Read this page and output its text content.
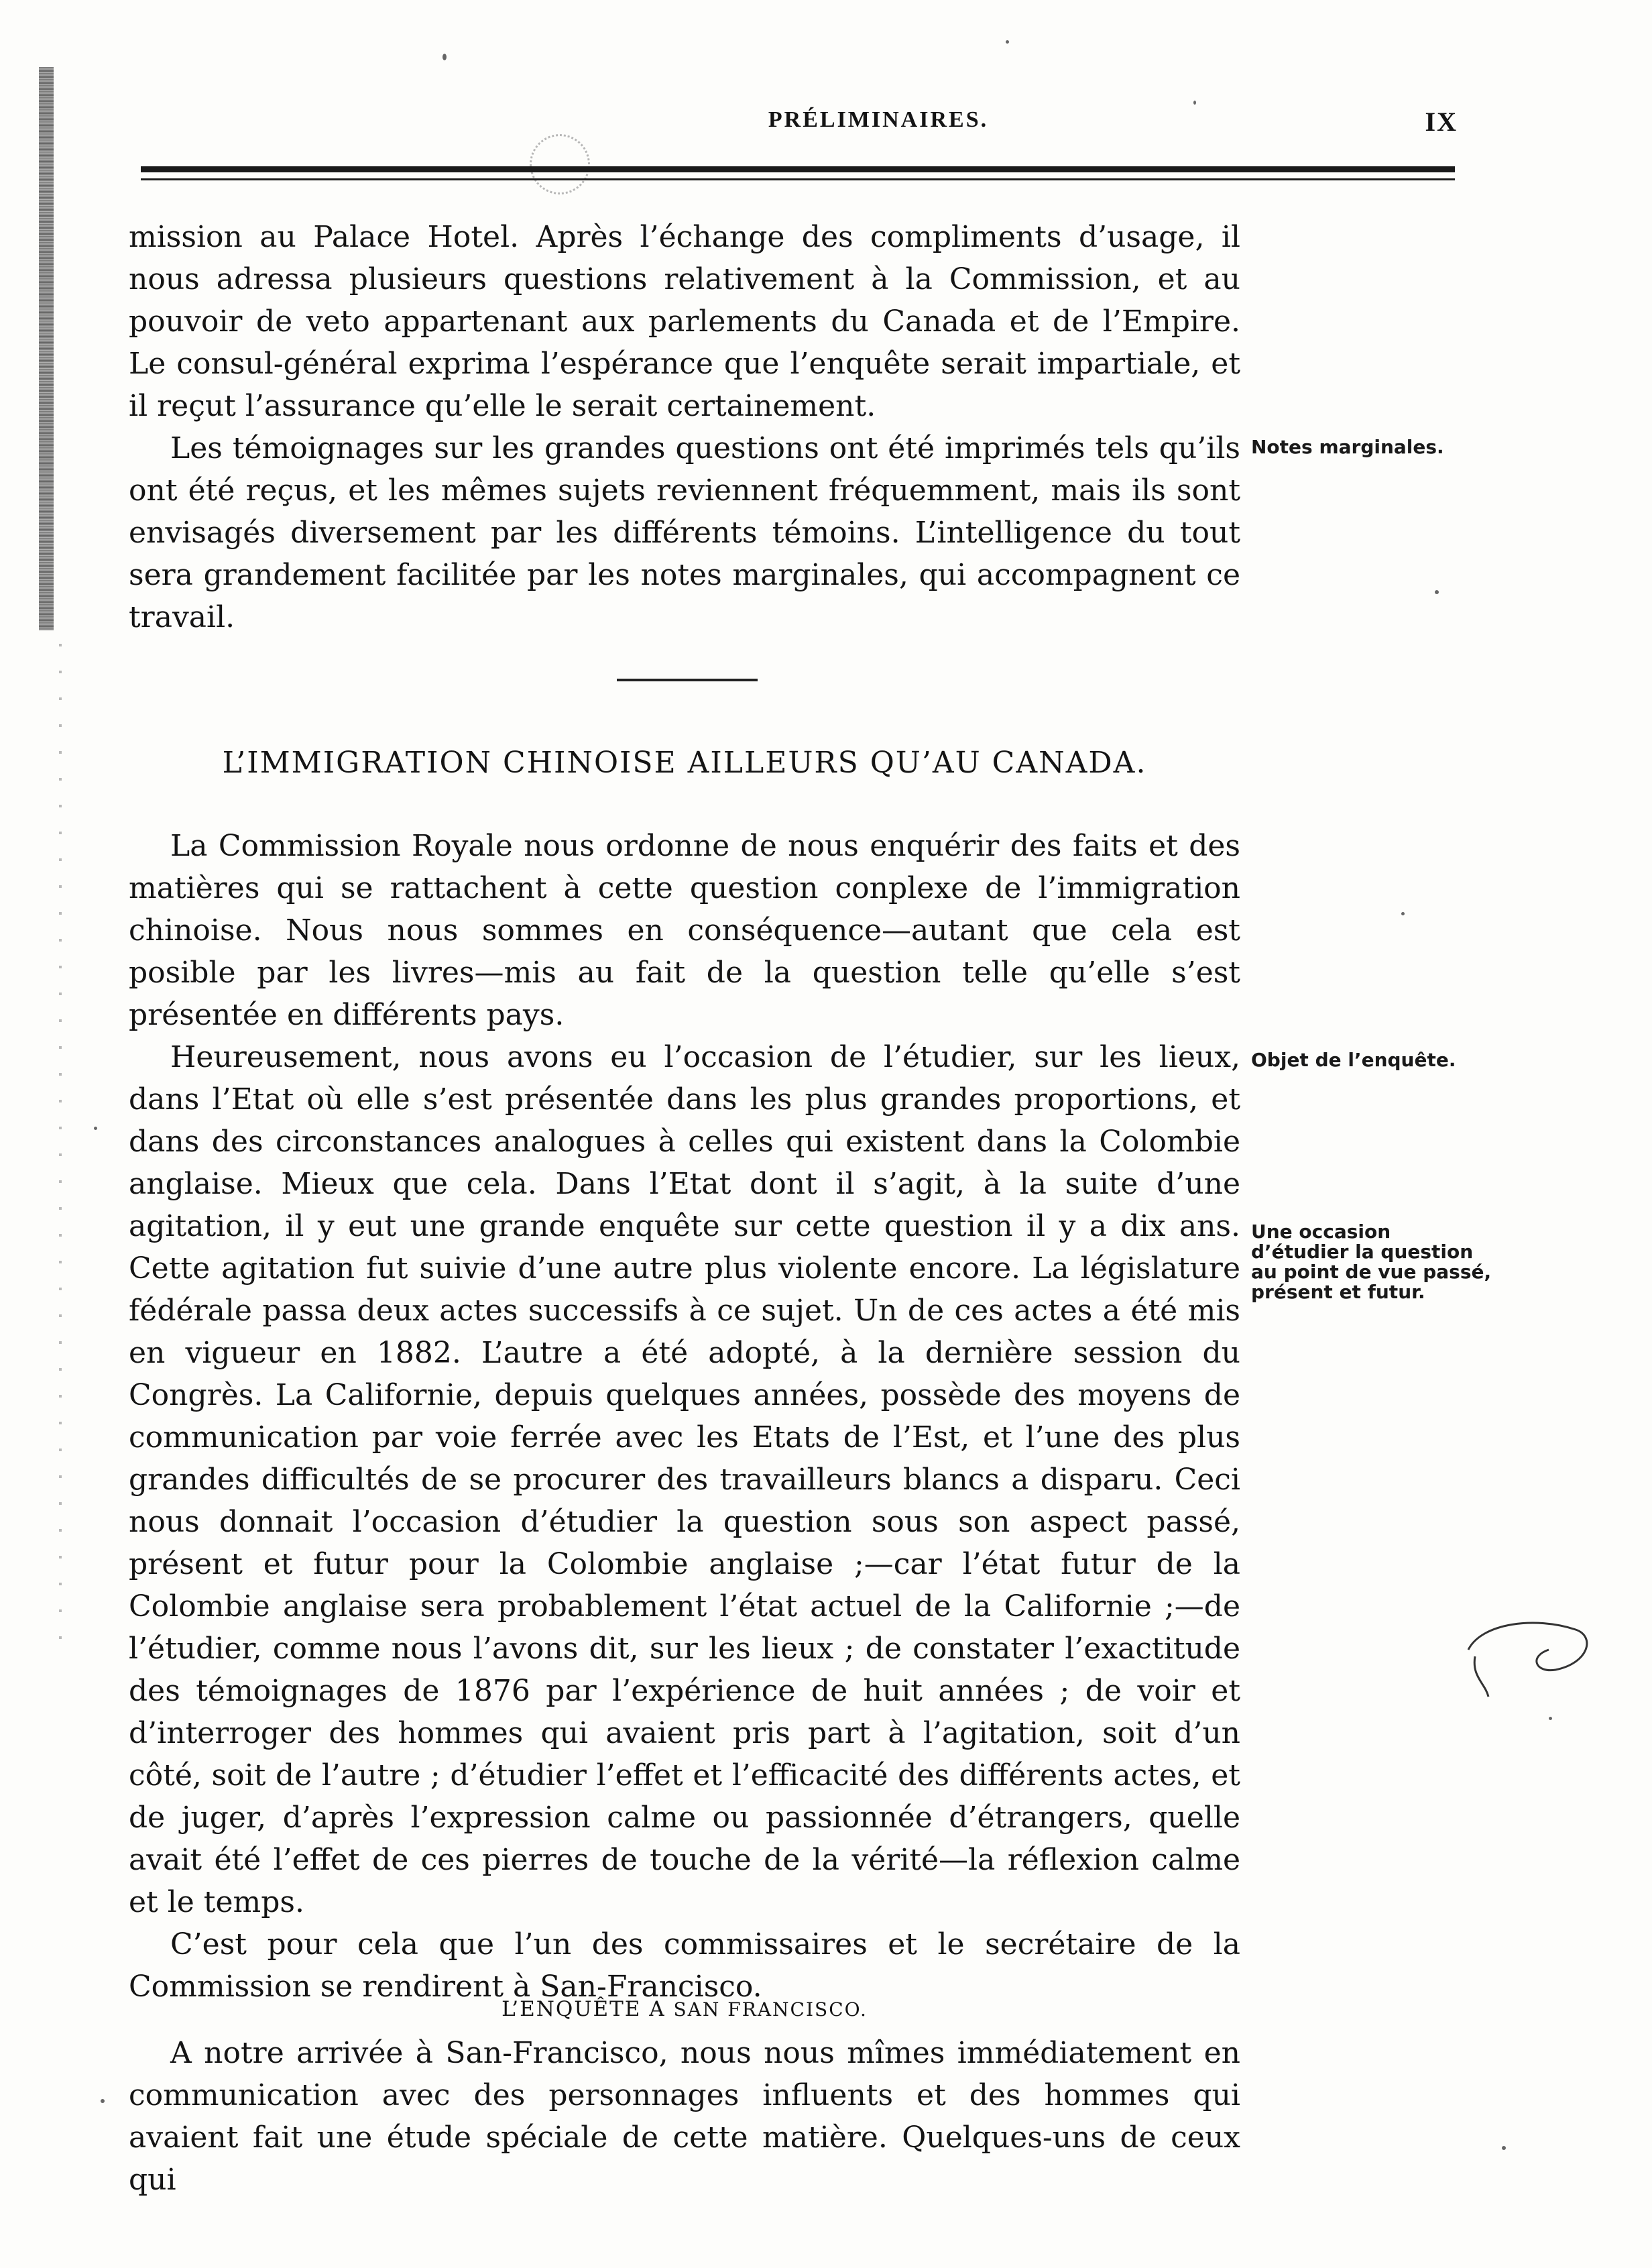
PRÉLIMINAIRES.	IX

mission au Palace Hotel. Après l’échange des compliments d’usage, il nous adressa plusieurs questions relativement à la Commission, et au pouvoir de veto appartenant aux parlements du Canada et de l’Empire. Le consul-général exprima l’espérance que l’enquête serait impartiale, et il reçut l’assurance qu’elle le serait certainement.

Les témoignages sur les grandes questions ont été imprimés tels qu’ils ont été reçus, et les mêmes sujets reviennent fréquemment, mais ils sont envisagés diversement par les différents témoins. L’intelligence du tout sera grandement facilitée par les notes marginales, qui accompagnent ce travail.

Notes marginales.
L’IMMIGRATION CHINOISE AILLEURS QU’AU CANADA.

La Commission Royale nous ordonne de nous enquérir des faits et des matières qui se rattachent à cette question conplexe de l’immigration chinoise. Nous nous sommes en conséquence—autant que cela est posible par les livres—mis au fait de la question telle qu’elle s’est présentée en différents pays.

Heureusement, nous avons eu l’occasion de l’étudier, sur les lieux, dans l’Etat où elle s’est présentée dans les plus grandes proportions, et dans des circonstances analogues à celles qui existent dans la Colombie anglaise. Mieux que cela. Dans l’Etat dont il s’agit, à la suite d’une agitation, il y eut une grande enquête sur cette question il y a dix ans. Cette agitation fut suivie d’une autre plus violente encore. La législature fédérale passa deux actes successifs à ce sujet. Un de ces actes a été mis en vigueur en 1882. L’autre a été adopté, à la dernière session du Congrès. La Californie, depuis quelques années, possède des moyens de communication par voie ferrée avec les Etats de l’Est, et l’une des plus grandes difficultés de se procurer des travailleurs blancs a disparu. Ceci nous donnait l’occasion d’étudier la question sous son aspect passé, présent et futur pour la Colombie anglaise ;—car l’état futur de la Colombie anglaise sera probablement l’état actuel de la Californie ;—de l’étudier, comme nous l’avons dit, sur les lieux ; de constater l’exactitude des témoignages de 1876 par l’expérience de huit années ; de voir et d’interroger des hommes qui avaient pris part à l’agitation, soit d’un côté, soit de l’autre ; d’étudier l’effet et l’efficacité des différents actes, et de juger, d’après l’expression calme ou passionnée d’étrangers, quelle avait été l’effet de ces pierres de touche de la vérité—la réflexion calme et le temps.

C’est pour cela que l’un des commissaires et le secrétaire de la Commission se rendirent à San-Francisco.

Objet de l’enquête.
Une occasion d’étudier la question au point de vue passé, présent et futur.
L’ENQUÊTE A SAN FRANCISCO.

A notre arrivée à San-Francisco, nous nous mîmes immédiatement en communication avec des personnages influents et des hommes qui avaient fait une étude spéciale de cette matière. Quelques-uns de ceux qui
